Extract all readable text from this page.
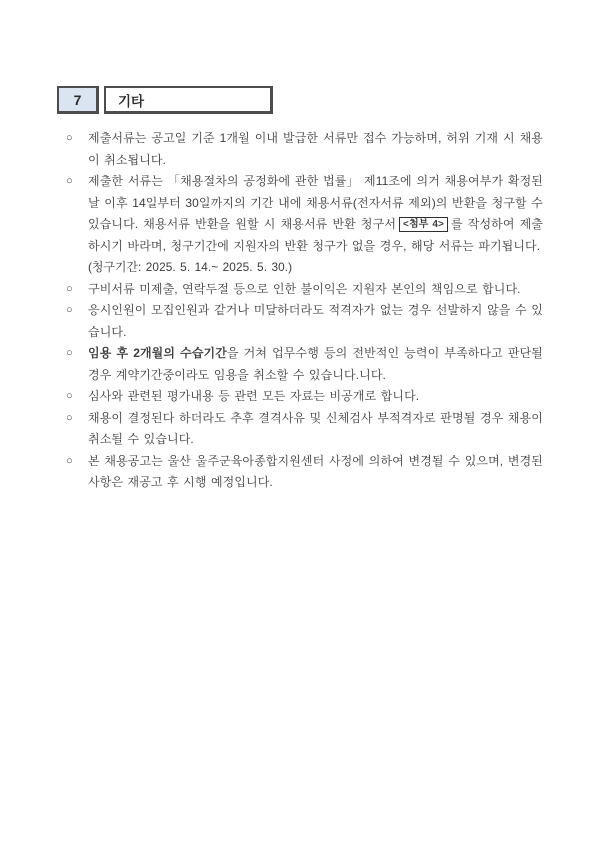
7	기타
○	제출서류는 공고일 기준 1개월 이내 발급한 서류만 접수 가능하며, 허위 기재 시 채용이 취소됩니다.
○	제출한 서류는 「채용절차의 공정화에 관한 법률」 제11조에 의거 채용여부가 확정된 날 이후 14일부터 30일까지의 기간 내에 채용서류(전자서류 제외)의 반환을 청구할 수 있습니다. 채용서류 반환을 원할 시 채용서류 반환 청구서 <첨부 4> 를 작성하여 제출하시기 바라며, 청구기간에 지원자의 반환 청구가 없을 경우, 해당 서류는 파기됩니다.
(청구기간: 2025. 5. 14.~ 2025. 5. 30.)
○	구비서류 미제출, 연락두절 등으로 인한 불이익은 지원자 본인의 책임으로 합니다.
○	응시인원이 모집인원과 같거나 미달하더라도 적격자가 없는 경우 선발하지 않을 수 있습니다.
○	임용 후 2개월의 수습기간을 거쳐 업무수행 등의 전반적인 능력이 부족하다고 판단될 경우 계약기간중이라도 임용을 취소할 수 있습니다.니다.
○	심사와 관련된 평가내용 등 관련 모든 자료는 비공개로 합니다.
○	채용이 결정된다 하더라도 추후 결격사유 및 신체검사 부적격자로 판명될 경우 채용이 취소될 수 있습니다.
○	본 채용공고는 울산 울주군육아종합지원센터 사정에 의하여 변경될 수 있으며, 변경된 사항은 재공고 후 시행 예정입니다.
